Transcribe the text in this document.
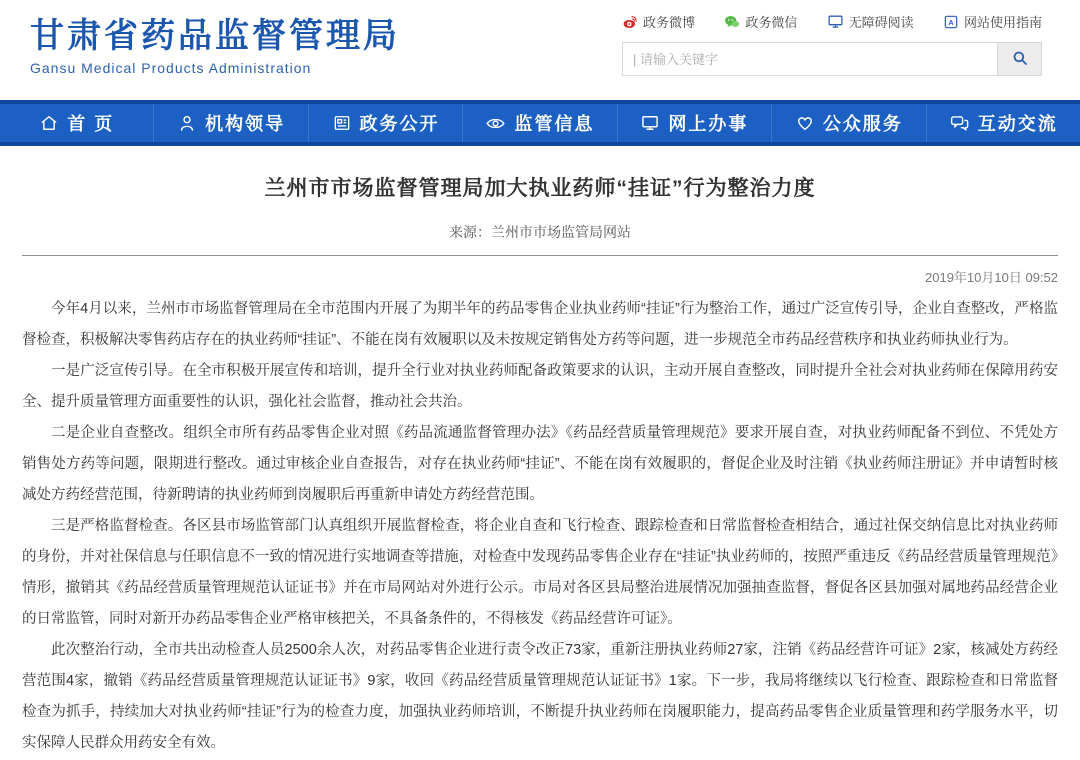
甘肃省药品监督管理局
Gansu Medical Products Administration
政务微博	政务微信	无障碍阅读	A 网站使用指南
| 请输入关键字
首 页	机构领导	政务公开	监管信息	网上办事	公众服务	互动交流
兰州市市场监督管理局加大执业药师“挂证”行为整治力度
来源：兰州市市场监管局网站
2019年10月10日 09:52

今年4月以来，兰州市市场监督管理局在全市范围内开展了为期半年的药品零售企业执业药师“挂证”行为整治工作，通过广泛宣传引导，企业自查整改，严格监督检查，积极解决零售药店存在的执业药师“挂证”、不能在岗有效履职以及未按规定销售处方药等问题，进一步规范全市药品经营秩序和执业药师执业行为。

一是广泛宣传引导。在全市积极开展宣传和培训，提升全行业对执业药师配备政策要求的认识，主动开展自查整改，同时提升全社会对执业药师在保障用药安全、提升质量管理方面重要性的认识，强化社会监督，推动社会共治。

二是企业自查整改。组织全市所有药品零售企业对照《药品流通监督管理办法》《药品经营质量管理规范》要求开展自查，对执业药师配备不到位、不凭处方销售处方药等问题，限期进行整改。通过审核企业自查报告，对存在执业药师“挂证”、不能在岗有效履职的，督促企业及时注销《执业药师注册证》并申请暂时核减处方药经营范围，待新聘请的执业药师到岗履职后再重新申请处方药经营范围。

三是严格监督检查。各区县市场监管部门认真组织开展监督检查，将企业自查和飞行检查、跟踪检查和日常监督检查相结合，通过社保交纳信息比对执业药师的身份，并对社保信息与任职信息不一致的情况进行实地调查等措施，对检查中发现药品零售企业存在“挂证”执业药师的，按照严重违反《药品经营质量管理规范》情形，撤销其《药品经营质量管理规范认证证书》并在市局网站对外进行公示。市局对各区县局整治进展情况加强抽查监督，督促各区县加强对属地药品经营企业的日常监管，同时对新开办药品零售企业严格审核把关，不具备条件的，不得核发《药品经营许可证》。

此次整治行动，全市共出动检查人员2500余人次，对药品零售企业进行责令改正73家，重新注册执业药师27家，注销《药品经营许可证》2家，核减处方药经营范围4家，撤销《药品经营质量管理规范认证证书》9家，收回《药品经营质量管理规范认证证书》1家。下一步，我局将继续以飞行检查、跟踪检查和日常监督检查为抓手，持续加大对执业药师“挂证”行为的检查力度，加强执业药师培训，不断提升执业药师在岗履职能力，提高药品零售企业质量管理和药学服务水平，切实保障人民群众用药安全有效。
